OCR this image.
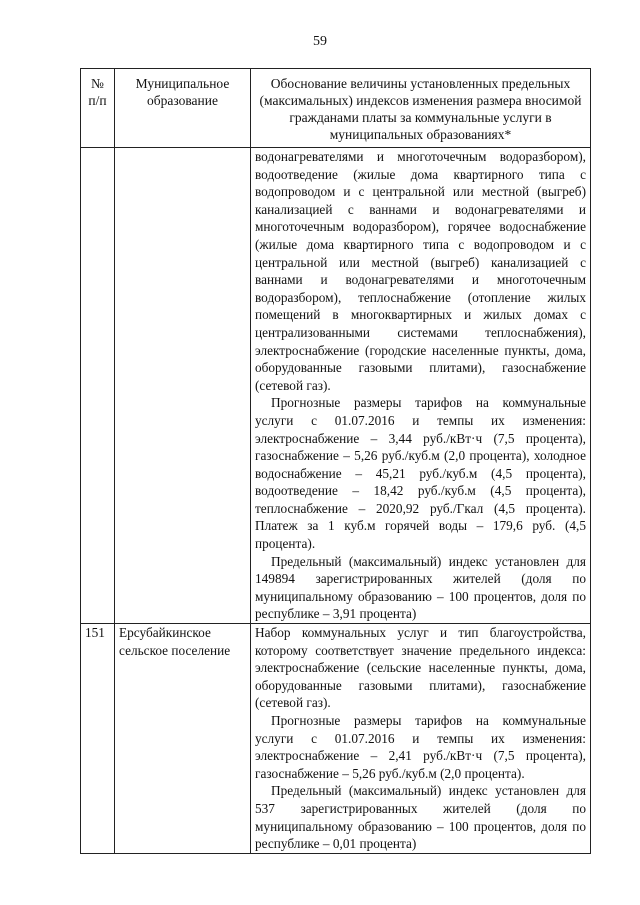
59
№ п/п	Муниципальное образование	Обоснование величины установленных предельных (максимальных) индексов изменения размера вносимой гражданами платы за коммунальные услуги в муниципальных образованиях*

		водонагревателями и многоточечным водоразбором), водоотведение (жилые дома квартирного типа с водопроводом и с центральной или местной (выгреб) канализацией с ваннами и водонагревателями и многоточечным водоразбором), горячее водоснабжение (жилые дома квартирного типа с водопроводом и с центральной или местной (выгреб) канализацией с ваннами и водонагревателями и многоточечным водоразбором), теплоснабжение (отопление жилых помещений в многоквартирных и жилых домах с централизованными системами теплоснабжения), электроснабжение (городские населенные пункты, дома, оборудованные газовыми плитами), газоснабжение (сетевой газ).

Прогнозные размеры тарифов на коммунальные услуги с 01.07.2016 и темпы их изменения: электроснабжение – 3,44 руб./кВт·ч (7,5 процента), газоснабжение – 5,26 руб./куб.м (2,0 процента), холодное водоснабжение – 45,21 руб./куб.м (4,5 процента), водоотведение – 18,42 руб./куб.м (4,5 процента), теплоснабжение – 2020,92 руб./Гкал (4,5 процента). Платеж за 1 куб.м горячей воды – 179,6 руб. (4,5 процента).

Предельный (максимальный) индекс установлен для 149894 зарегистрированных жителей (доля по муниципальному образованию – 100 процентов, доля по республике – 3,91 процента)

151	Ерсубайкинское сельское поселение	Набор коммунальных услуг и тип благоустройства, которому соответствует значение предельного индекса: электроснабжение (сельские населенные пункты, дома, оборудованные газовыми плитами), газоснабжение (сетевой газ).

Прогнозные размеры тарифов на коммунальные услуги с 01.07.2016 и темпы их изменения: электроснабжение – 2,41 руб./кВт·ч (7,5 процента), газоснабжение – 5,26 руб./куб.м (2,0 процента).

Предельный (максимальный) индекс установлен для 537 зарегистрированных жителей (доля по муниципальному образованию – 100 процентов, доля по республике – 0,01 процента)
